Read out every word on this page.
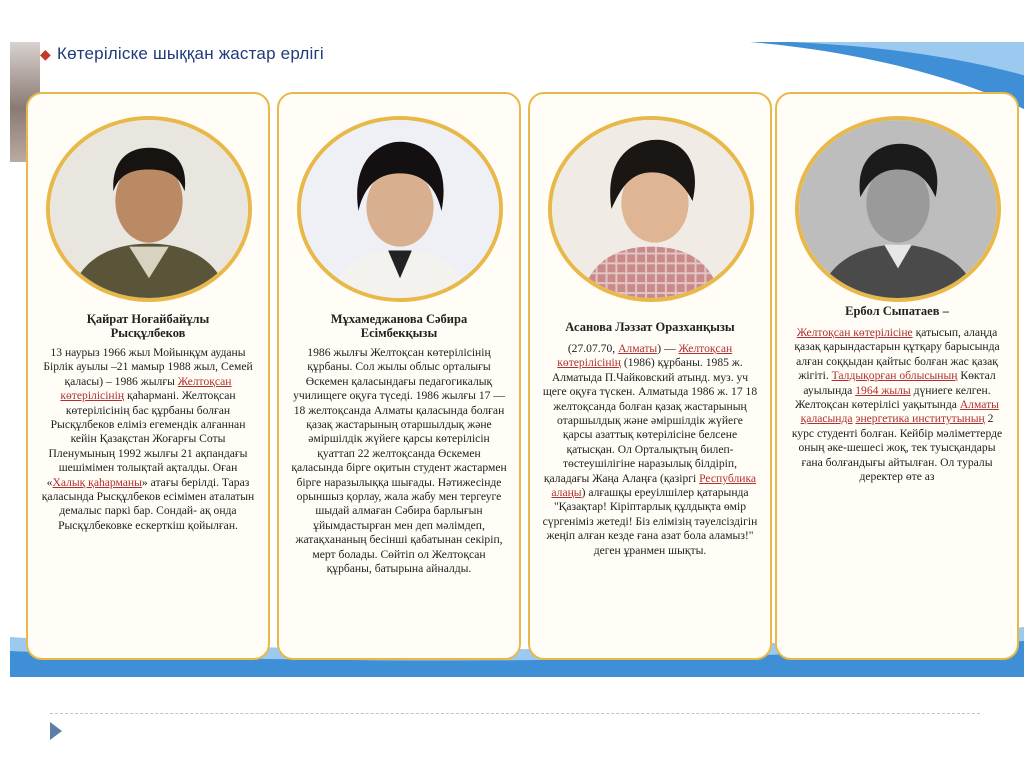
◆ Көтеріліске шыққан жастар ерлігі
Қайрат Ноғайбайұлы
Рысқұлбеков
13 наурыз 1966 жыл Мойынқұм ауданы Бірлік ауылы –21 мамыр 1988 жыл, Семей қаласы) – 1986 жылғы Желтоқсан көтерілісінің қаһармані. Желтоқсан көтерілісінің бас құрбаны болған Рысқұлбеков еліміз егемендік алғаннан кейін Қазақстан Жоғарғы Соты Пленумының 1992 жылғы 21 ақпандағы шешімімен толықтай ақталды. Оған «Халық қаһарманы» атағы берілді. Тараз қаласында Рысқұлбеков есімімен аталатын демалыс паркі бар. Сондай- ақ онда Рысқұлбековке ескерткіш қойылған.
Мұхамеджанова Сәбира
Есімбекқызы
1986 жылғы Желтоқсан көтерілісінің құрбаны. Сол жылы облыс орталығы Өскемен қаласындағы педагогикалық училищеге оқуға түседі. 1986 жылғы 17 — 18 желтоқсанда Алматы қаласында болған қазақ жастарының отаршылдық және әміршілдік жүйеге қарсы көтерілісін қуаттап 22 желтоқсанда Өскемен қаласында бірге оқитын студент жастармен бірге наразылыққа шығады. Нәтижесінде орыншыз қорлау, жала жабу мен тергеуге шыдай алмаған Сәбира барлығын ұйымдастырған мен деп мәлімдеп, жатақхананың бесінші қабатынан секіріп, мерт болады. Сөйтіп ол Желтоқсан құрбаны, батырына айналды.
Асанова Ләззат Оразханқызы
(27.07.70, Алматы) — Желтоқсан көтерілісінің (1986) құрбаны. 1985 ж. Алматыда П.Чайковский атынд. муз. уч щеге оқуға түскен. Алматыда 1986 ж. 17 18 желтоқсанда болған қазақ жастарының отаршылдық және әміршілдік жүйеге қарсы азаттық көтерілісіне белсене қатысқан. Ол Орталықтың билеп-төстеушілігіне наразылық білдіріп, қаладағы Жаңа Алаңға (қазіргі Республика алаңы) алғашқы ереуілшілер қатарында "Қазақтар! Кіріптарлық құлдықта өмір сүргеніміз жетеді! Біз елімізің тәуелсіздігін жеңіп алған кезде ғана азат бола аламыз!" деген ұранмен шықты.
Ербол Сыпатаев –
Желтоқсан көтерілісіне қатысып, алаңда қазақ қарындастарын құтқару барысында алған соққыдан қайтыс болған жас қазақ жігіті. Талдықорған облысының Көктал ауылында 1964 жылы дүниеге келген. Желтоқсан көтерілісі уақытында Алматы қаласында энергетика институтының 2 курс студенті болған. Кейбір мәліметтерде оның әке-шешесі жоқ, тек туысқандары ғана болғандығы айтылған. Ол туралы деректер өте аз
